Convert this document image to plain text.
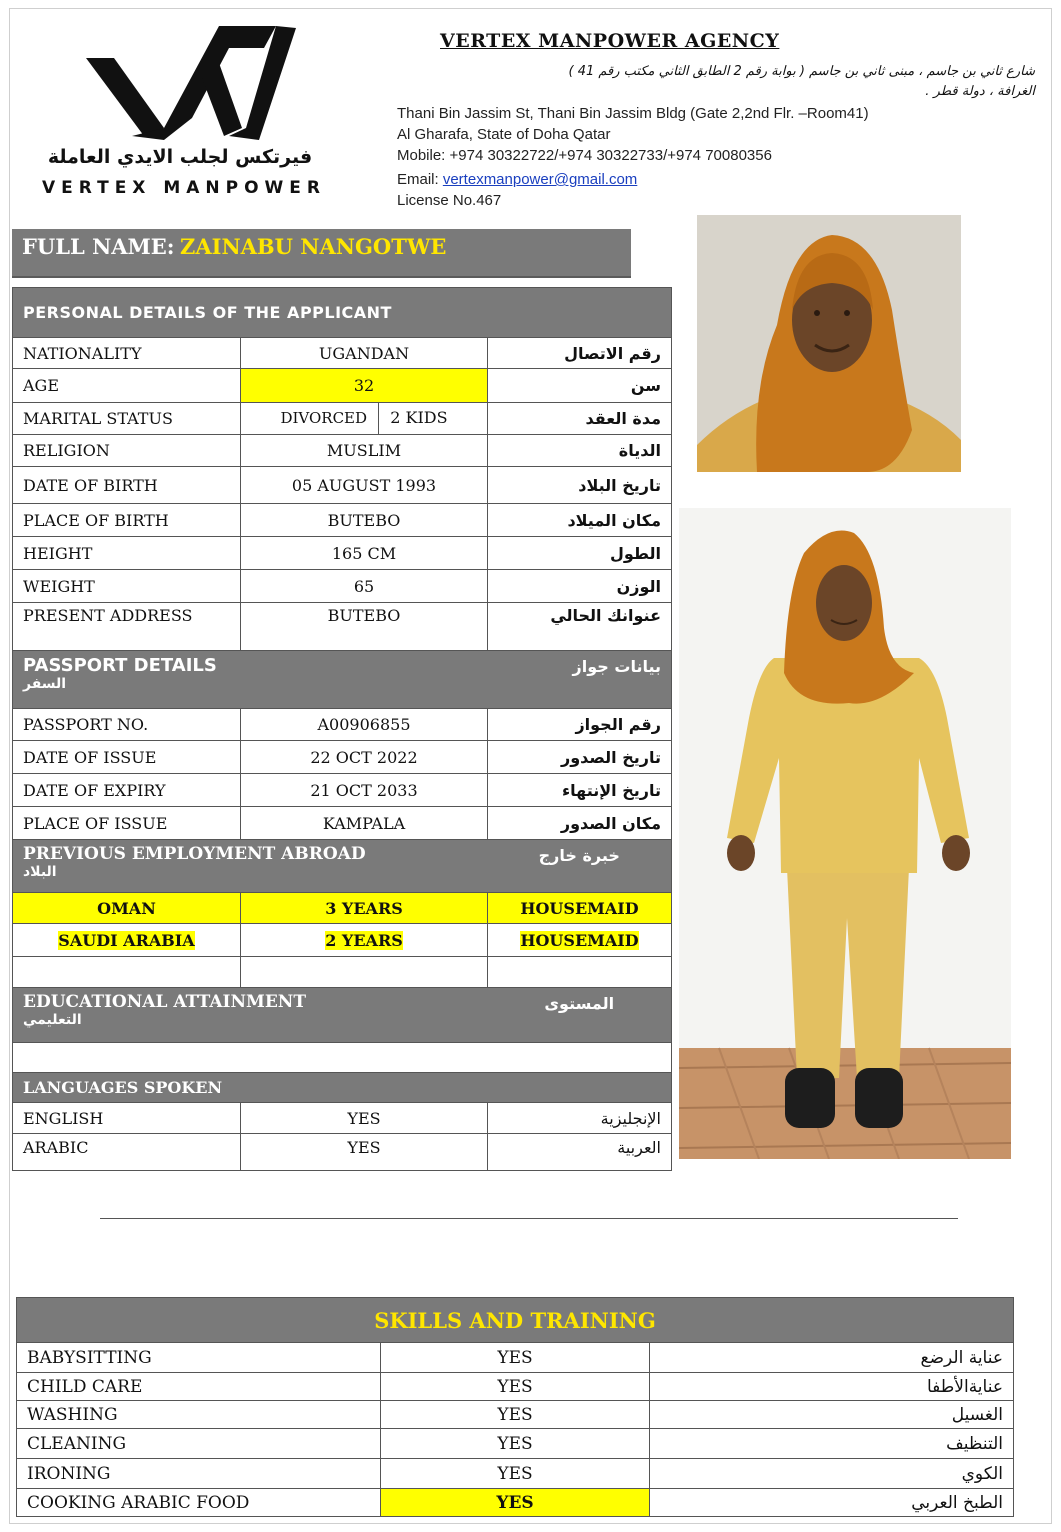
فيرتكس لجلب الايدي العاملة
VERTEX MANPOWER
VERTEX MANPOWER AGENCY
شارع ثاني بن جاسم ، مبنى ثاني بن جاسم ( بوابة رقم 2 الطابق الثاني مكتب رقم 41 )
الغرافة ، دولة قطر .
Thani Bin Jassim St, Thani Bin Jassim Bldg (Gate 2,2nd Flr. –Room41)
Al Gharafa, State of Doha Qatar
Mobile: +974 30322722/+974 30322733/+974 70080356
Email: vertexmanpower@gmail.com
License No.467
FULL NAME: ZAINABU NANGOTWE
PERSONAL DETAILS OF THE APPLICANT		
NATIONALITY	UGANDAN	رقم الاتصال
AGE	32	سن
MARITAL STATUS	DIVORCED 2 KIDS	مدة العقد
RELIGION	MUSLIM	الدياة
DATE OF BIRTH	05 AUGUST 1993	تاريخ البلاد
PLACE OF BIRTH	BUTEBO	مكان الميلاد
HEIGHT	165 CM	الطول
WEIGHT	65	الوزن
PRESENT ADDRESS	BUTEBO	عنوانك الحالي

PASSPORT DETAILS
السفر		بيانات جواز
PASSPORT NO.	A00906855	رقم الجواز
DATE OF ISSUE	22 OCT 2022	تاريخ الصدور
DATE OF EXPIRY	21 OCT 2033	تاريخ الإنتهاء
PLACE OF ISSUE	KAMPALA	مكان الصدور

PREVIOUS EMPLOYMENT ABROAD
البلاد		خبرة خارج
OMAN	3 YEARS	HOUSEMAID
SAUDI ARABIA	2 YEARS	HOUSEMAID

EDUCATIONAL ATTAINMENT
التعليمي		المستوى

LANGUAGES SPOKEN		
ENGLISH	YES	الإنجليزية
ARABIC	YES	العربية
SKILLS AND TRAINING		
BABYSITTING	YES	عناية الرضع
CHILD CARE	YES	عنايةالأطفا
WASHING	YES	الغسيل
CLEANING	YES	التنظيف
IRONING	YES	الكوي
COOKING ARABIC FOOD	YES	الطبخ العربي
